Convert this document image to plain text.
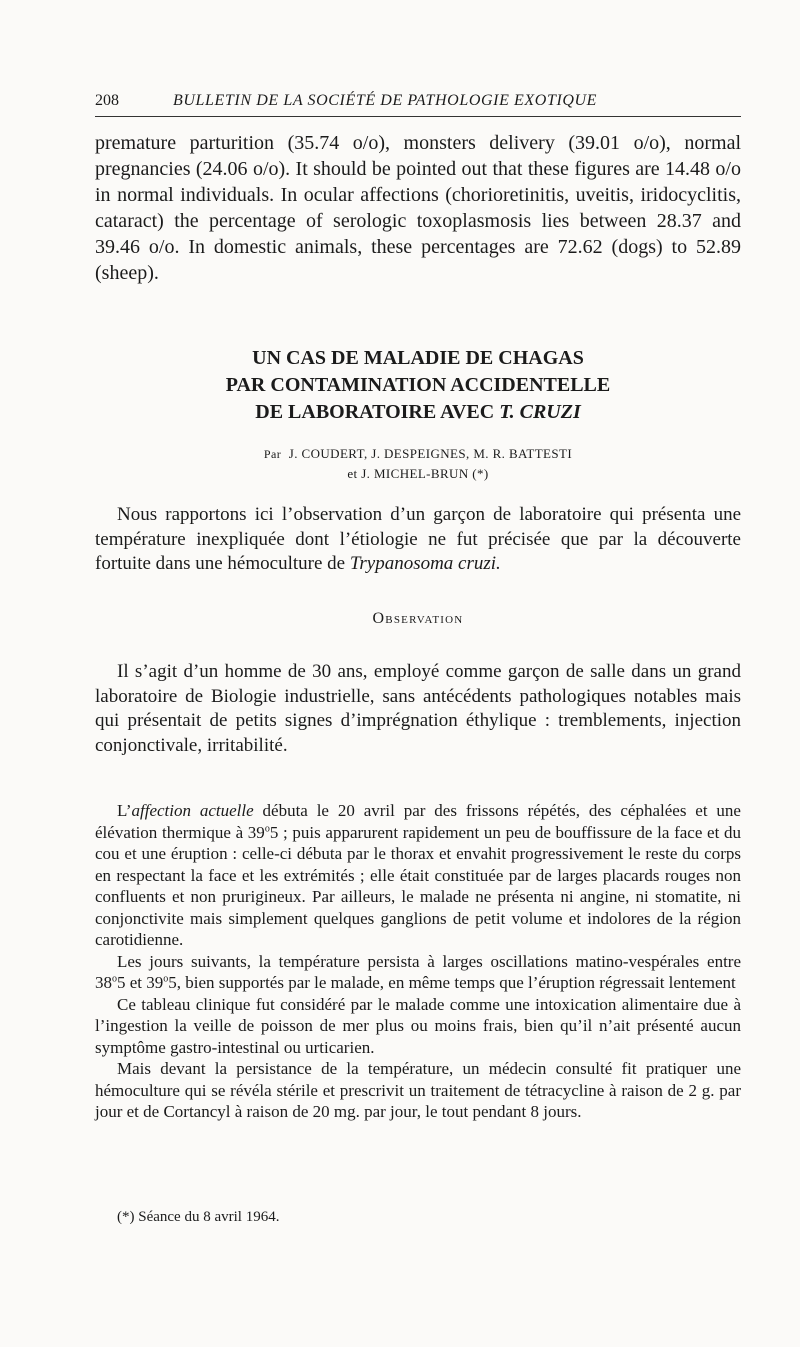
208	BULLETIN DE LA SOCIÉTÉ DE PATHOLOGIE EXOTIQUE

premature parturition (35.74 o/o), monsters delivery (39.01 o/o), normal pregnancies (24.06 o/o). It should be pointed out that these figures are 14.48 o/o in normal individuals. In ocular affections (chorioretinitis, uveitis, iridocyclitis, cataract) the percentage of serologic toxoplasmosis lies between 28.37 and 39.46 o/o. In domestic animals, these percentages are 72.62 (dogs) to 52.89 (sheep).

UN CAS DE MALADIE DE CHAGAS
PAR CONTAMINATION ACCIDENTELLE
DE LABORATOIRE AVEC T. CRUZI
Par J. COUDERT, J. DESPEIGNES, M. R. BATTESTI
et J. MICHEL-BRUN (*)

Nous rapportons ici l’observation d’un garçon de laboratoire qui présenta une température inexpliquée dont l’étiologie ne fut précisée que par la découverte fortuite dans une hémoculture de Trypanosoma cruzi.

Observation

Il s’agit d’un homme de 30 ans, employé comme garçon de salle dans un grand laboratoire de Biologie industrielle, sans antécédents pathologiques notables mais qui présentait de petits signes d’imprégnation éthylique : tremblements, injection conjonctivale, irritabilité.

L’affection actuelle débuta le 20 avril par des frissons répétés, des céphalées et une élévation thermique à 39$^o$5 ; puis apparurent rapidement un peu de bouffissure de la face et du cou et une éruption : celle-ci débuta par le thorax et envahit progressivement le reste du corps en respectant la face et les extrémités ; elle était constituée par de larges placards rouges non confluents et non prurigineux. Par ailleurs, le malade ne présenta ni angine, ni stomatite, ni conjonctivite mais simplement quelques ganglions de petit volume et indolores de la région carotidienne.

Les jours suivants, la température persista à larges oscillations matino-vespérales entre 38$^o$5 et 39$^o$5, bien supportés par le malade, en même temps que l’éruption régressait lentement

Ce tableau clinique fut considéré par le malade comme une intoxication alimentaire due à l’ingestion la veille de poisson de mer plus ou moins frais, bien qu’il n’ait présenté aucun symptôme gastro-intestinal ou urticarien.

Mais devant la persistance de la température, un médecin consulté fit pratiquer une hémoculture qui se révéla stérile et prescrivit un traitement de tétracycline à raison de 2 g. par jour et de Cortancyl à raison de 20 mg. par jour, le tout pendant 8 jours.

(*) Séance du 8 avril 1964.
